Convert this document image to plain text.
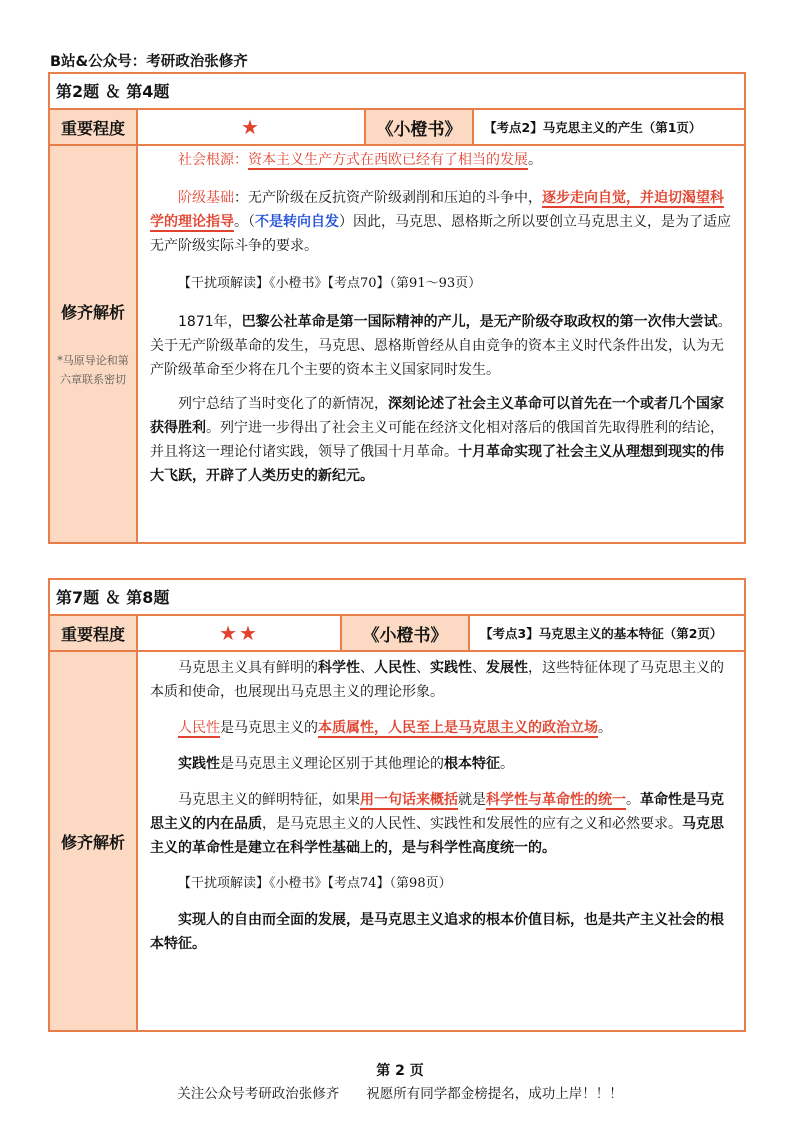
B站&公众号：考研政治张修齐
第2题 ＆ 第4题
重要程度	★	《小橙书》	【考点2】马克思主义的产生（第1页）
修齐解析
*马原导论和第六章联系密切

社会根源：资本主义生产方式在西欧已经有了相当的发展。

阶级基础：无产阶级在反抗资产阶级剥削和压迫的斗争中，逐步走向自觉，并迫切渴望科学的理论指导。（不是转向自发）因此，马克思、恩格斯之所以要创立马克思主义，是为了适应无产阶级实际斗争的要求。

【干扰项解读】《小橙书》【考点70】（第91～93页）

1871年，巴黎公社革命是第一国际精神的产儿，是无产阶级夺取政权的第一次伟大尝试。关于无产阶级革命的发生，马克思、恩格斯曾经从自由竞争的资本主义时代条件出发，认为无产阶级革命至少将在几个主要的资本主义国家同时发生。

列宁总结了当时变化了的新情况，深刻论述了社会主义革命可以首先在一个或者几个国家获得胜利。列宁进一步得出了社会主义可能在经济文化相对落后的俄国首先取得胜利的结论，并且将这一理论付诸实践，领导了俄国十月革命。十月革命实现了社会主义从理想到现实的伟大飞跃，开辟了人类历史的新纪元。

第7题 ＆ 第8题
重要程度	★★	《小橙书》	【考点3】马克思主义的基本特征（第2页）
修齐解析

马克思主义具有鲜明的科学性、人民性、实践性、发展性，这些特征体现了马克思主义的本质和使命，也展现出马克思主义的理论形象。

人民性是马克思主义的本质属性，人民至上是马克思主义的政治立场。

实践性是马克思主义理论区别于其他理论的根本特征。

马克思主义的鲜明特征，如果用一句话来概括就是科学性与革命性的统一。革命性是马克思主义的内在品质，是马克思主义的人民性、实践性和发展性的应有之义和必然要求。马克思主义的革命性是建立在科学性基础上的，是与科学性高度统一的。

【干扰项解读】《小橙书》【考点74】（第98页）

实现人的自由而全面的发展，是马克思主义追求的根本价值目标，也是共产主义社会的根本特征。

第 2 页
关注公众号考研政治张修齐　　祝愿所有同学都金榜提名，成功上岸！！！
